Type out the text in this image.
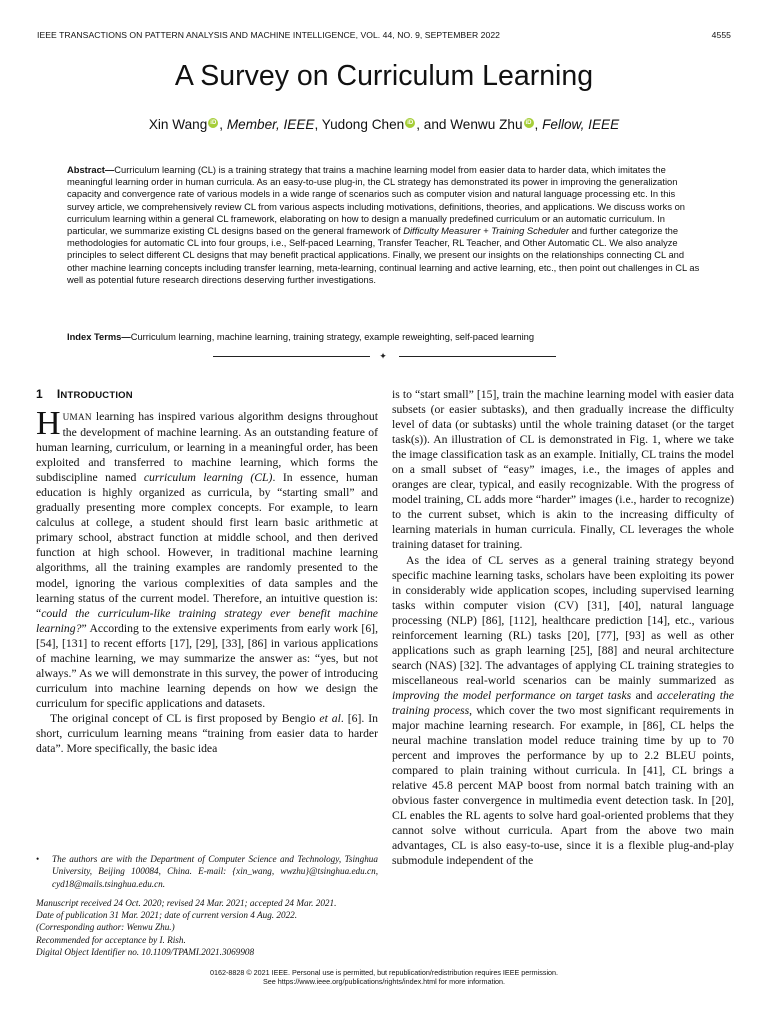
IEEE TRANSACTIONS ON PATTERN ANALYSIS AND MACHINE INTELLIGENCE, VOL. 44, NO. 9, SEPTEMBER 2022	4555
A Survey on Curriculum Learning
Xin Wang iD , Member, IEEE, Yudong Chen iD , and Wenwu Zhu iD , Fellow, IEEE
Abstract—Curriculum learning (CL) is a training strategy that trains a machine learning model from easier data to harder data, which imitates the meaningful learning order in human curricula. As an easy-to-use plug-in, the CL strategy has demonstrated its power in improving the generalization capacity and convergence rate of various models in a wide range of scenarios such as computer vision and natural language processing etc. In this survey article, we comprehensively review CL from various aspects including motivations, definitions, theories, and applications. We discuss works on curriculum learning within a general CL framework, elaborating on how to design a manually predefined curriculum or an automatic curriculum. In particular, we summarize existing CL designs based on the general framework of Difficulty Measurer + Training Scheduler and further categorize the methodologies for automatic CL into four groups, i.e., Self-paced Learning, Transfer Teacher, RL Teacher, and Other Automatic CL. We also analyze principles to select different CL designs that may benefit practical applications. Finally, we present our insights on the relationships connecting CL and other machine learning concepts including transfer learning, meta-learning, continual learning and active learning, etc., then point out challenges in CL as well as potential future research directions deserving further investigations.
Index Terms—Curriculum learning, machine learning, training strategy, example reweighting, self-paced learning
✦
1 INTRODUCTION

HUMAN learning has inspired various algorithm designs throughout the development of machine learning. As an outstanding feature of human learning, curriculum, or learning in a meaningful order, has been exploited and transferred to machine learning, which forms the subdiscipline named curriculum learning (CL). In essence, human education is highly organized as curricula, by “starting small” and gradually presenting more complex concepts. For example, to learn calculus at college, a student should first learn basic arithmetic at primary school, abstract function at middle school, and then derived function at high school. However, in traditional machine learning algorithms, all the training examples are randomly presented to the model, ignoring the various complexities of data samples and the learning status of the current model. Therefore, an intuitive question is: “could the curriculum-like training strategy ever benefit machine learning?” According to the extensive experiments from early work [6], [54], [131] to recent efforts [17], [29], [33], [86] in various applications of machine learning, we may summarize the answer as: “yes, but not always.” As we will demonstrate in this survey, the power of introducing curriculum into machine learning depends on how we design the curriculum for specific applications and datasets.

The original concept of CL is first proposed by Bengio et al. [6]. In short, curriculum learning means “training from easier data to harder data”. More specifically, the basic idea

is to “start small” [15], train the machine learning model with easier data subsets (or easier subtasks), and then gradually increase the difficulty level of data (or subtasks) until the whole training dataset (or the target task(s)). An illustration of CL is demonstrated in Fig. 1, where we take the image classification task as an example. Initially, CL trains the model on a small subset of “easy” images, i.e., the images of apples and oranges are clear, typical, and easily recognizable. With the progress of model training, CL adds more “harder” images (i.e., harder to recognize) to the current subset, which is akin to the increasing difficulty of learning materials in human curricula. Finally, CL leverages the whole training dataset for training.

As the idea of CL serves as a general training strategy beyond specific machine learning tasks, scholars have been exploiting its power in considerably wide application scopes, including supervised learning tasks within computer vision (CV) [31], [40], natural language processing (NLP) [86], [112], healthcare prediction [14], etc., various reinforcement learning (RL) tasks [20], [77], [93] as well as other applications such as graph learning [25], [88] and neural architecture search (NAS) [32]. The advantages of applying CL training strategies to miscellaneous real-world scenarios can be mainly summarized as improving the model performance on target tasks and accelerating the training process, which cover the two most significant requirements in major machine learning research. For example, in [86], CL helps the neural machine translation model reduce training time by up to 70 percent and improves the performance by up to 2.2 BLEU points, compared to plain training without curricula. In [41], CL brings a relative 45.8 percent MAP boost from normal batch training with an obvious faster convergence in multimedia event detection task. In [20], CL enables the RL agents to solve hard goal-oriented problems that they cannot solve without curricula. Apart from the above two main advantages, CL is also easy-to-use, since it is a flexible plug-and-play submodule independent of the

• The authors are with the Department of Computer Science and Technology, Tsinghua University, Beijing 100084, China. E-mail: {xin_wang, wwzhu}@tsinghua.edu.cn, cyd18@mails.tsinghua.edu.cn.
Manuscript received 24 Oct. 2020; revised 24 Mar. 2021; accepted 24 Mar. 2021.
Date of publication 31 Mar. 2021; date of current version 4 Aug. 2022.
(Corresponding author: Wenwu Zhu.)
Recommended for acceptance by I. Rish.
Digital Object Identifier no. 10.1109/TPAMI.2021.3069908
0162-8828 © 2021 IEEE. Personal use is permitted, but republication/redistribution requires IEEE permission.
See https://www.ieee.org/publications/rights/index.html for more information.
